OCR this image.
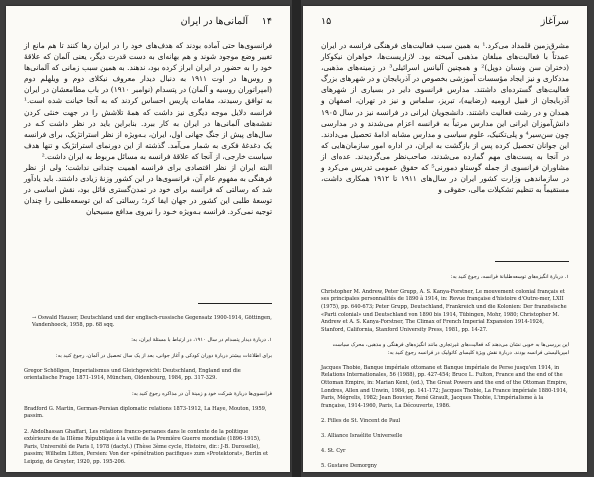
۱۴
آلمانی‌ها در ایران
فرانسوی‌ها حتی آماده بودند که هدف‌های خود را در ایران رها کنند تا هم مانع از تغییر وضع موجود شوند و هم بهانه‌ای به دست قدرت دیگر، یعنی آلمان که علاقهٔ خود را به حضور در ایران ابراز کرده بود، ندهند. به همین سبب زمانی که آلمانی‌ها و روس‌ها در اوت ۱۹۱۱ به دنبال دیدار معروف نیکلای دوم و ویلهلم دوم (امپراتوران روسیه و آلمان) در پتسدام (نوامبر ۱۹۱۰) در باب مطامعشان در ایران به توافق رسیدند، مقامات پاریس احساس کردند که به آنجا خیانت شده است.¹ فرانسه دلایل موجه دیگری نیز داشت که همهٔ تلاشش را در جهت خنثی کردن نقشه‌های آلمانی‌ها در ایران به کار ببرد. بنابراین باید در نظر داشت کـه در سال‌های پیش از جنگ جهانی اول، ایران، بـه‌ویژه از نظر استراتژیک، برای فرانسه یک دغدغهٔ فکری به شمار می‌آمد. گذشته از این دورنمای استراتژیک و تنها هدف سیاست خارجی، از آنجا که علاقهٔ فرانسه به مسائل مربوط به ایران داشت.²
البته ایران از نظر اقتصادی برای فرانسه اهمیت چندانی نداشت؛ ولی از نظر فرهنگی به مفهوم عام آن، فرانسوی‌ها در این کشور وزنهٔ زیادی داشتند. باید یادآور شد که رسالتی که فرانسه برای خود در تمدن‌گستری قائل بود، نقش اساسی در توسعهٔ طلبی این کشور در جهان ایفا کرد؛ رسالتی که این توسعه‌طلبی را چندان توجیه نمی‌کرد. فرانسه بـه‌ویژه خـود را نیروی مدافع مسیحیان

→ Oswald Hauser, Deutschland und der englisch-russische Gegensatz 1900-1914, Göttingen, Vandenhoeck, 1958, pp. 68 sqq.

۱. دربارهٔ دیدار پتسدام در سال ۱۹۱۰، در ارتباط با مسئلهٔ ایران، به:

برای اطلاعات بیشتر دربارهٔ دوران کودکی و آغاز جوانی، بعد از یک سال تحصیل در آلمان، رجوع کنید به:

Gregor Schöllgen, Imperialismus und Gleichgewicht: Deutschland, England und die orientalische Frage 1871-1914, München, Oldenbourg, 1984, pp. 317-329.

فرانسوی‌ها دربارهٔ شرکت خود و زمینهٔ آن در مذاکره رجوع کنید به:

Bradford G. Martin, German-Persian diplomatic relations 1873-1912, La Haye, Mouton, 1959, passim.

2. Abdolhassan Ghaffari, Les relations franco-persanes dans le contexte de la politique extérieure de la IIIème République à la veille de la Première Guerre mondiale (1896-1915), Paris, Université de Paris I, 1978 (dactyl.) (Thèse 3ème cycle, Histoire, dir.: J-B. Duroselle), passim; Wilhelm Litten, Persien: Von der «pénétration pacifique» zum «Protektorat», Berlin et Leipzig, de Gruyter, 1920, pp. 195-206.

۱۵	سرآغاز
مشرق‌زمین قلمداد می‌کرد.¹ به همین سبب فعالیت‌های فرهنگی فرانسه در ایران عمدتاً با فعالیت‌های مبلغان مذهبی آمیخته بود. لازاریست‌ها، خواهران نیکوکار (دختران سن ونسان دوپل)² و همچنین آلیانس اسرائیلی³ در زمینه‌های مذهبی، مددکاری و نیز ایجاد مؤسسات آموزشی بخصوص در آذربایجان و در شهرهای بزرگ فعالیت‌های گسترده‌ای داشتند. مدارس فرانسوی دایر در بسیاری از شهرهای آذربایجان از قبیل ارومیه (رضاییه)، تبریز، سلماس و نیز در تهران، اصفهان و همدان و در رشت فعالیت داشتند. دانشجویان ایرانی در فرانسه نیز در سال ۱۹۰۵ دانش‌آموزان ایرانی این مدارس مرتباً به فرانسه اعزام می‌شدند و در مدارسی چون سن‌سیر⁴ و پلی‌تکنیک، علوم سیاسی و مدارس مشابه ادامهٔ تحصیل می‌دادند. این جوانان تحصیل کرده پس از بازگشت به ایران، در اداره امور سازمان‌هایی که در آنجا به پست‌های مهم گمارده می‌شدند، صاحب‌نظر می‌گردیدند. عده‌ای از مشاوران فرانسوی از جمله گوستاو دمورنی⁵ که حقوق عمومی تدریس می‌کرد و در سازماندهی وزارت کشور ایران در سال‌های ۱۹۱۱ تا ۱۹۱۲ همکاری داشت، مستقیماً به تنظیم تشکیلات مالی، حقوقی و

۱. دربارهٔ انگیزه‌های توسعه‌طلبانهٔ فرانسه، رجوع کنید به:

Christopher M. Andrew, Peter Grupp, A. S. Kanya-Forstner, Le mouvement colonial français et ses principales personnalités de 1890 à 1914, in: Revue française d'histoire d'Outre-mer, LXII (1975), pp. 640-673; Peter Grupp, Deutschland, Frankreich und die Kolonien: Der französische «Parti colonial» und Deutschland von 1890 bis 1914, Tübingen, Mohr, 1980; Christopher M. Andrew et A. S. Kanya-Forstner, The Climax of French Imperial Expansion 1914-1924, Stanford, California, Stanford University Press, 1981, pp. 14-27.

این بررسی‌ها به خوبی نشان می‌دهند که فعالیت‌های غیرتجاری مانند انگیزه‌های فرهنگی و مذهبی، محرک سیاست امپریالیستی فرانسه بودند. دربارهٔ نقش ویژهٔ کلیسای کاتولیک در فرانسه رجوع کنید به:

Jacques Thobie, Banque impériale ottomane et Banque impériale de Perse jusqu'en 1914, in Relations Internationales, 56 (1988), pp. 427-454; Bruce L. Fulton, France and the end of the Ottoman Empire, in: Marian Kent, (ed.), The Great Powers and the end of the Ottoman Empire, Londres, Allen and Unwin, 1984, pp. 141-172; Jacques Thobie, La France impériale 1880-1914, Paris, Mégrelis, 1982; Jean Bouvier, René Girault, Jacques Thobie, L'impérialisme à la française, 1914-1960, Paris, La Découverte, 1986.

2. Filles de St. Vincent de Paul

3. Alliance Israélite Universelle

4. St. Cyr

5. Gustave Demorgny
